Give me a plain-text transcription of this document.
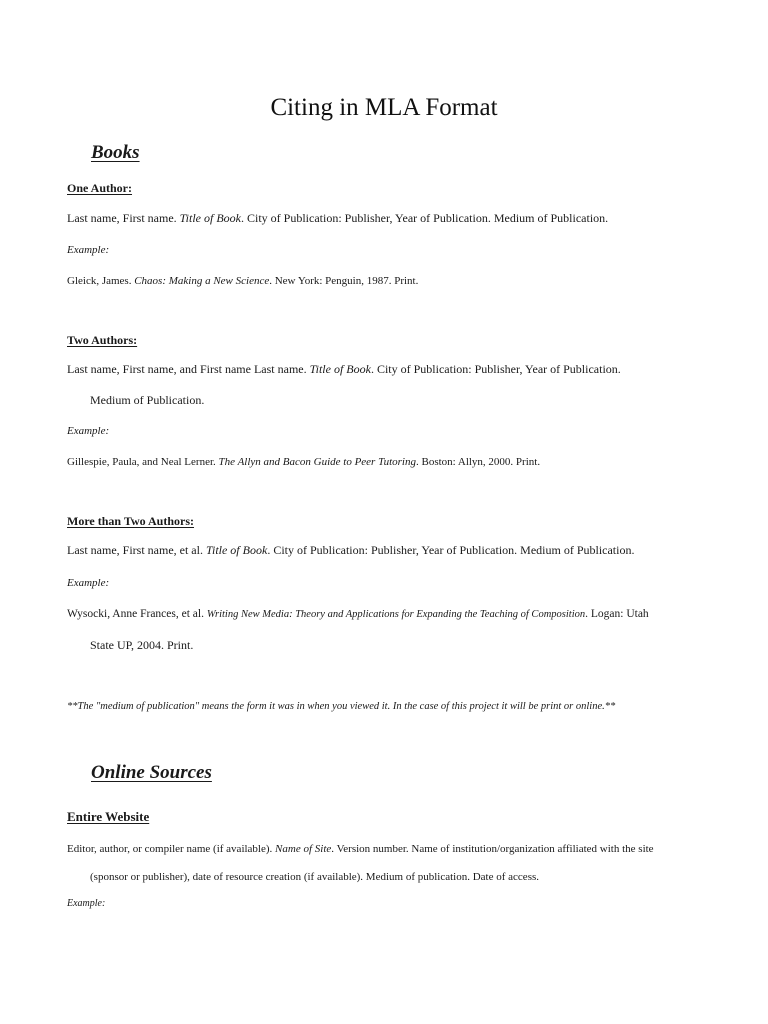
Citing in MLA Format
Books
One Author:
Last name, First name. Title of Book. City of Publication: Publisher, Year of Publication. Medium of Publication.
Example:
Gleick, James. Chaos: Making a New Science. New York: Penguin, 1987. Print.
Two Authors:
Last name, First name, and First name Last name. Title of Book. City of Publication: Publisher, Year of Publication.
Medium of Publication.
Example:
Gillespie, Paula, and Neal Lerner. The Allyn and Bacon Guide to Peer Tutoring. Boston: Allyn, 2000. Print.
More than Two Authors:
Last name, First name, et al. Title of Book. City of Publication: Publisher, Year of Publication. Medium of Publication.
Example:
Wysocki, Anne Frances, et al. Writing New Media: Theory and Applications for Expanding the Teaching of Composition. Logan: Utah
State UP, 2004. Print.
**The "medium of publication" means the form it was in when you viewed it. In the case of this project it will be print or online.**
Online Sources
Entire Website
Editor, author, or compiler name (if available). Name of Site. Version number. Name of institution/organization affiliated with the site
(sponsor or publisher), date of resource creation (if available). Medium of publication. Date of access.
Example:
